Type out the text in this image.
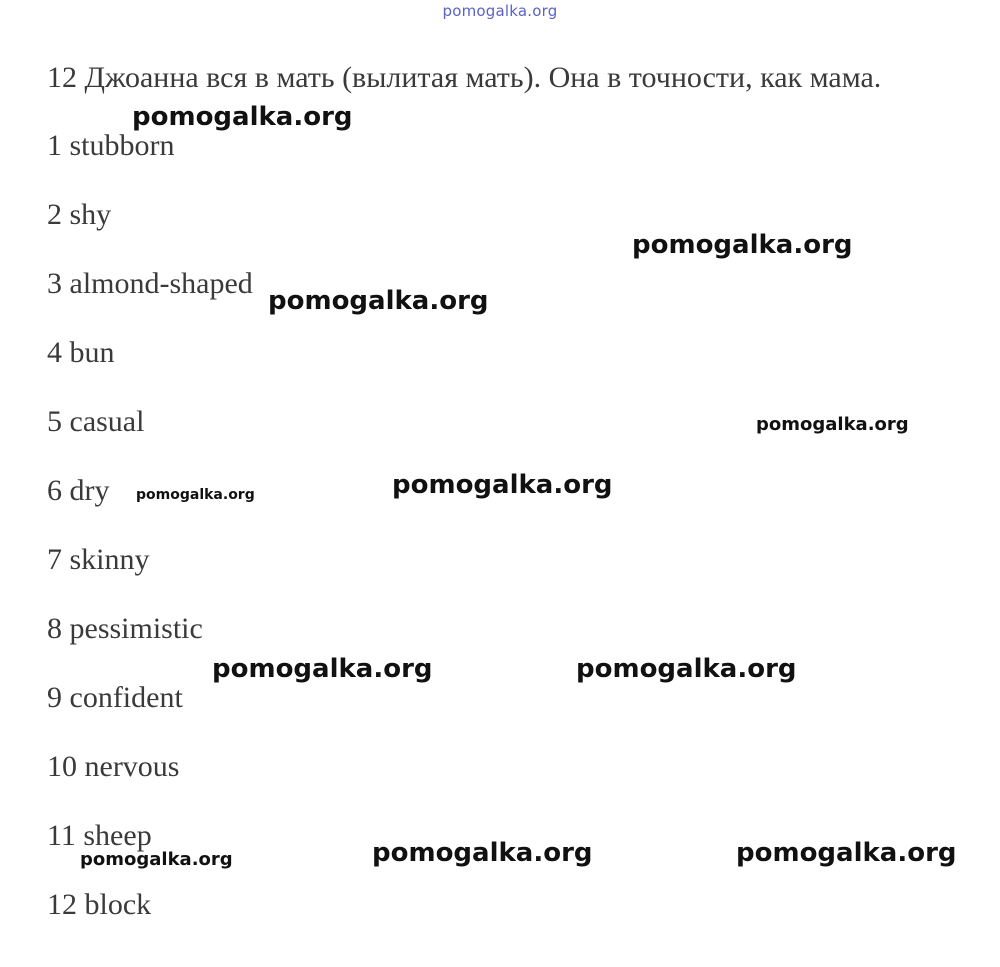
pomogalka.org
12 Джоанна вся в мать (вылитая мать). Она в точности, как мама.
1 stubborn
2 shy
3 almond-shaped
4 bun
5 casual
6 dry
7 skinny
8 pessimistic
9 confident
10 nervous
11 sheep
12 block
pomogalka.org
pomogalka.org
pomogalka.org
pomogalka.org
pomogalka.org	pomogalka.org
pomogalka.org	pomogalka.org
pomogalka.org	pomogalka.org	pomogalka.org
